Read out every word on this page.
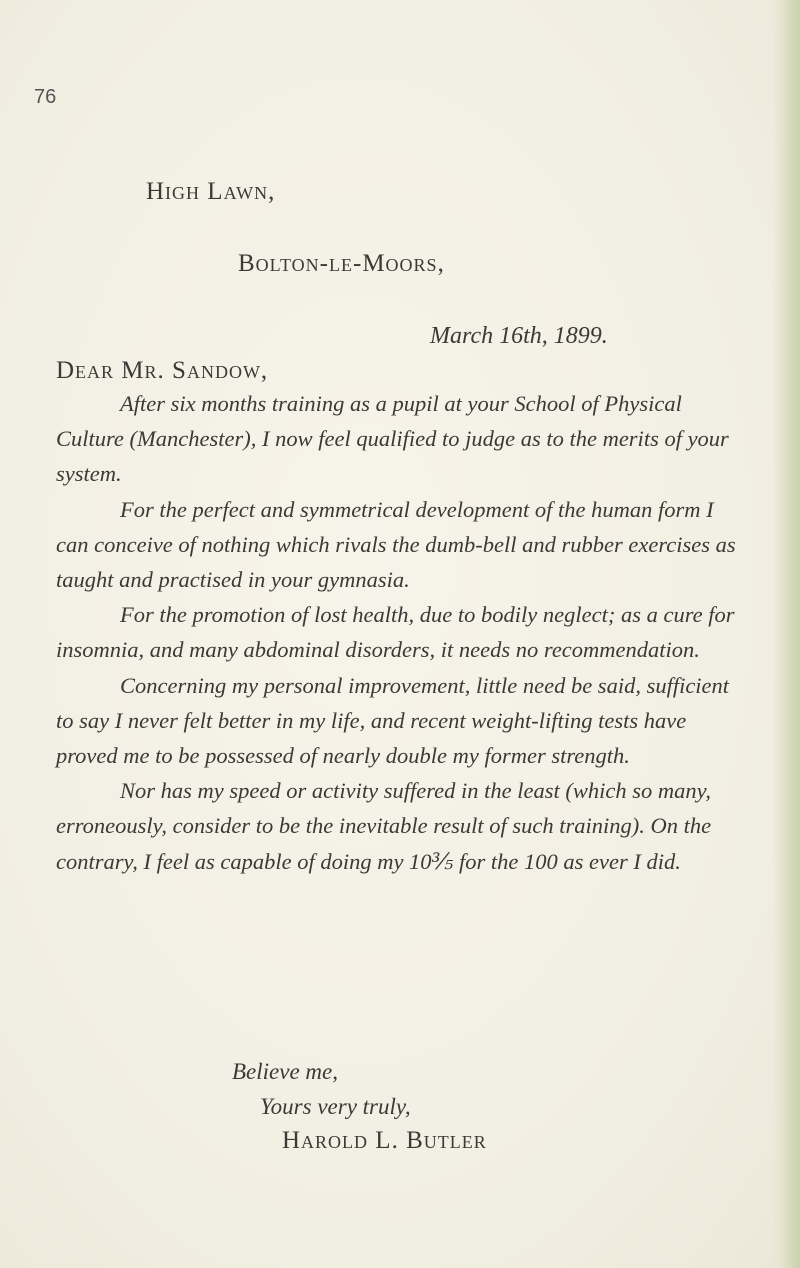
76
High Lawn,
Bolton-le-Moors,
March 16th, 1899.
Dear Mr. Sandow,

After six months training as a pupil at your School of Physical Culture (Manchester), I now feel qualified to judge as to the merits of your system.

For the perfect and symmetrical development of the human form I can conceive of nothing which rivals the dumb-bell and rubber exercises as taught and practised in your gymnasia.

For the promotion of lost health, due to bodily neglect; as a cure for insomnia, and many abdominal disorders, it needs no recommendation.

Concerning my personal improvement, little need be said, sufficient to say I never felt better in my life, and recent weight-lifting tests have proved me to be possessed of nearly double my former strength.

Nor has my speed or activity suffered in the least (which so many, erroneously, consider to be the inevitable result of such training). On the contrary, I feel as capable of doing my 10⅗ for the 100 as ever I did.

Believe me,
Yours very truly,
Harold L. Butler
